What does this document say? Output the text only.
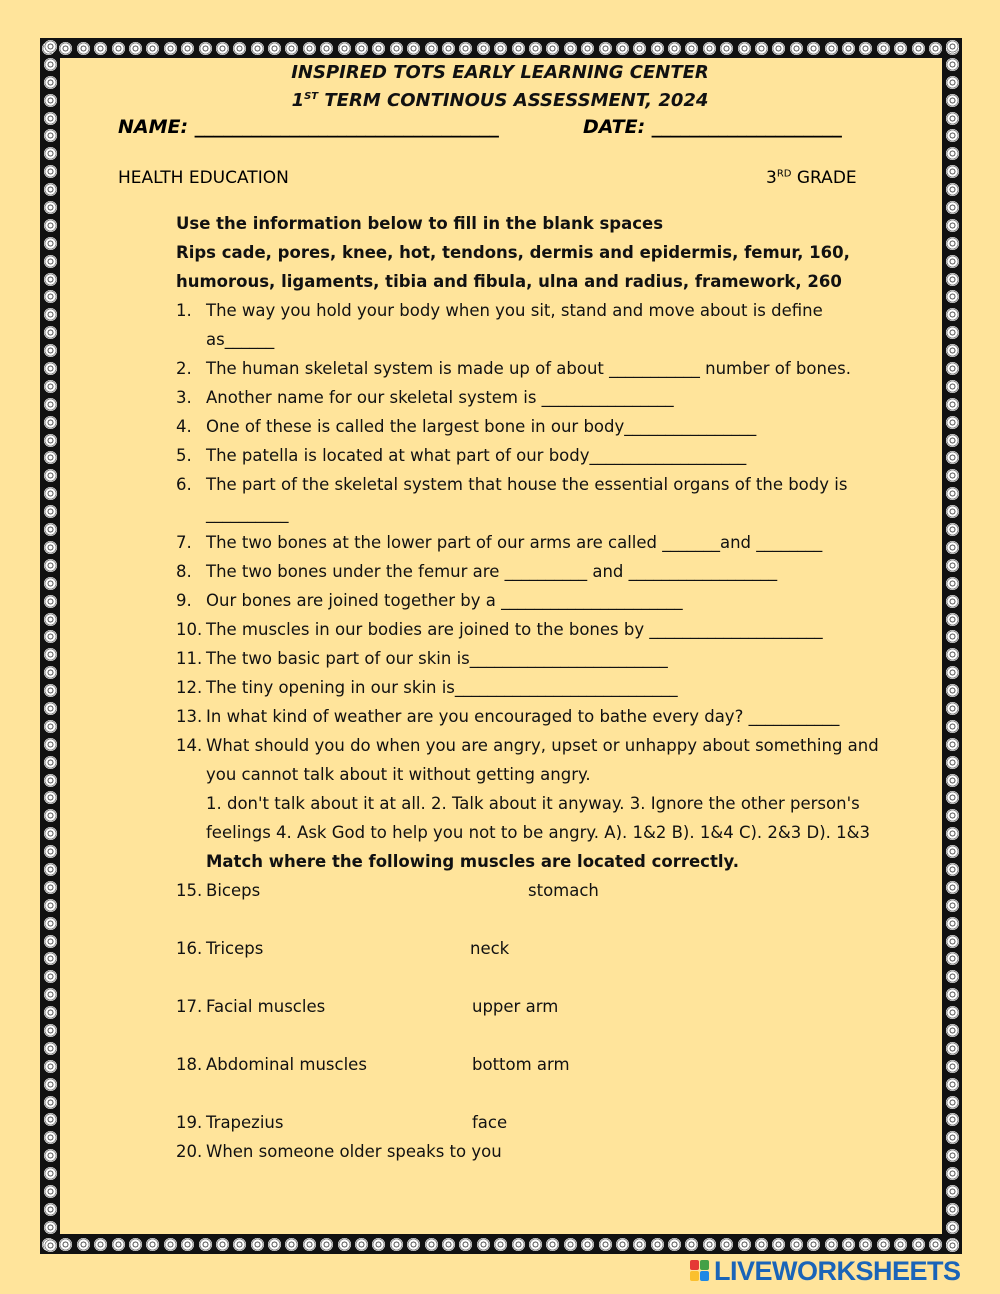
INSPIRED TOTS EARLY LEARNING CENTER
1ST TERM CONTINOUS ASSESSMENT, 2024
NAME: ________________________________	DATE: ____________________
HEALTH EDUCATION	3RD GRADE
Use the information below to fill in the blank spaces
Rips cade, pores, knee, hot, tendons, dermis and epidermis, femur, 160,
humorous, ligaments, tibia and fibula, ulna and radius, framework, 260
1. The way you hold your body when you sit, stand and move about is define
as______
2. The human skeletal system is made up of about ___________ number of bones.
3. Another name for our skeletal system is ________________
4. One of these is called the largest bone in our body________________
5. The patella is located at what part of our body___________________
6. The part of the skeletal system that house the essential organs of the body is
__________
7. The two bones at the lower part of our arms are called _______and ________
8. The two bones under the femur are __________ and __________________
9. Our bones are joined together by a ______________________
10. The muscles in our bodies are joined to the bones by _____________________
11. The two basic part of our skin is________________________
12. The tiny opening in our skin is___________________________
13. In what kind of weather are you encouraged to bathe every day? ___________
14. What should you do when you are angry, upset or unhappy about something and
you cannot talk about it without getting angry.
1. don't talk about it at all. 2. Talk about it anyway. 3. Ignore the other person's
feelings 4. Ask God to help you not to be angry. A). 1&2 B). 1&4 C). 2&3 D). 1&3
Match where the following muscles are located correctly.
15. Biceps	stomach
16. Triceps	neck
17. Facial muscles	upper arm
18. Abdominal muscles	bottom arm
19. Trapezius	face
20. When someone older speaks to you
LIVEWORKSHEETS
